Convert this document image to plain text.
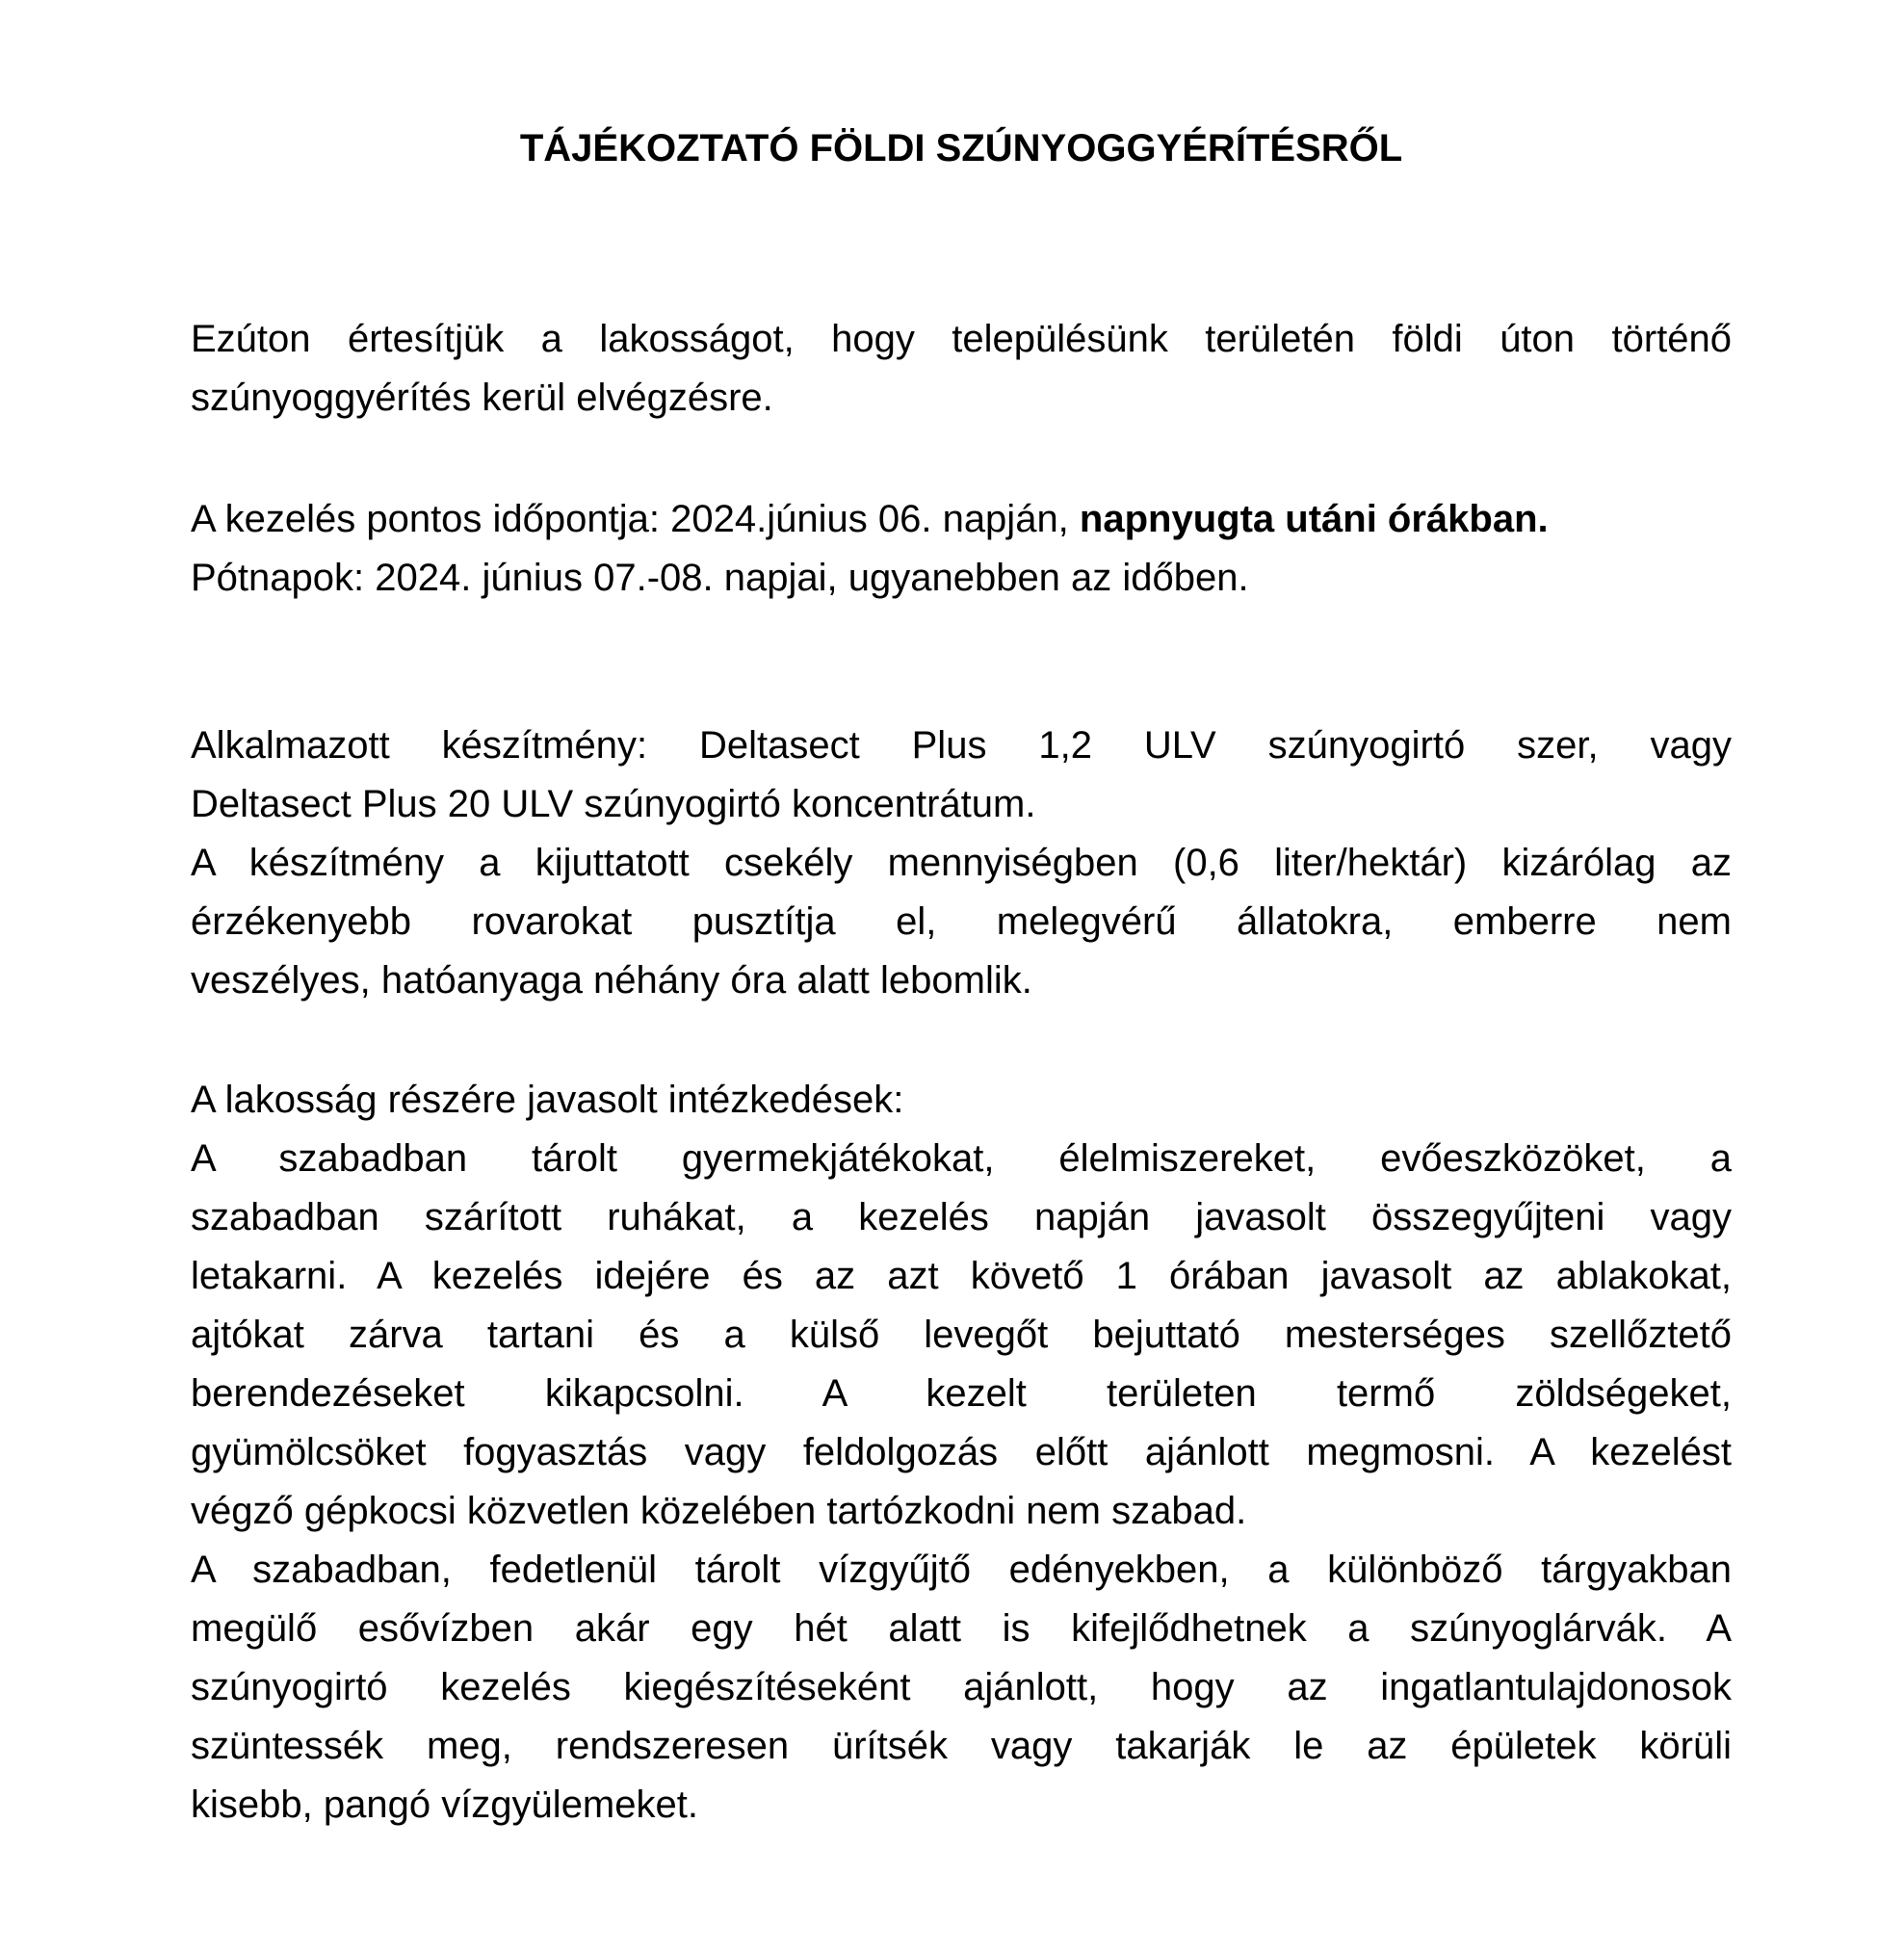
TÁJÉKOZTATÓ FÖLDI SZÚNYOGGYÉRÍTÉSRŐL
Ezúton értesítjük a lakosságot, hogy településünk területén földi úton történő
szúnyoggyérítés kerül elvégzésre.
A kezelés pontos időpontja: 2024.június 06. napján, napnyugta utáni órákban.
Pótnapok: 2024. június 07.-08. napjai, ugyanebben az időben.
Alkalmazott készítmény: Deltasect Plus 1,2 ULV szúnyogirtó szer, vagy
Deltasect Plus 20 ULV szúnyogirtó koncentrátum.
A készítmény a kijuttatott csekély mennyiségben (0,6 liter/hektár) kizárólag az
érzékenyebb rovarokat pusztítja el, melegvérű állatokra, emberre nem
veszélyes, hatóanyaga néhány óra alatt lebomlik.
A lakosság részére javasolt intézkedések:
A szabadban tárolt gyermekjátékokat, élelmiszereket, evőeszközöket, a
szabadban szárított ruhákat, a kezelés napján javasolt összegyűjteni vagy
letakarni. A kezelés idejére és az azt követő 1 órában javasolt az ablakokat,
ajtókat zárva tartani és a külső levegőt bejuttató mesterséges szellőztető
berendezéseket kikapcsolni. A kezelt területen termő zöldségeket,
gyümölcsöket fogyasztás vagy feldolgozás előtt ajánlott megmosni. A kezelést
végző gépkocsi közvetlen közelében tartózkodni nem szabad.
A szabadban, fedetlenül tárolt vízgyűjtő edényekben, a különböző tárgyakban
megülő esővízben akár egy hét alatt is kifejlődhetnek a szúnyoglárvák. A
szúnyogirtó kezelés kiegészítéseként ajánlott, hogy az ingatlantulajdonosok
szüntessék meg, rendszeresen ürítsék vagy takarják le az épületek körüli
kisebb, pangó vízgyülemeket.
